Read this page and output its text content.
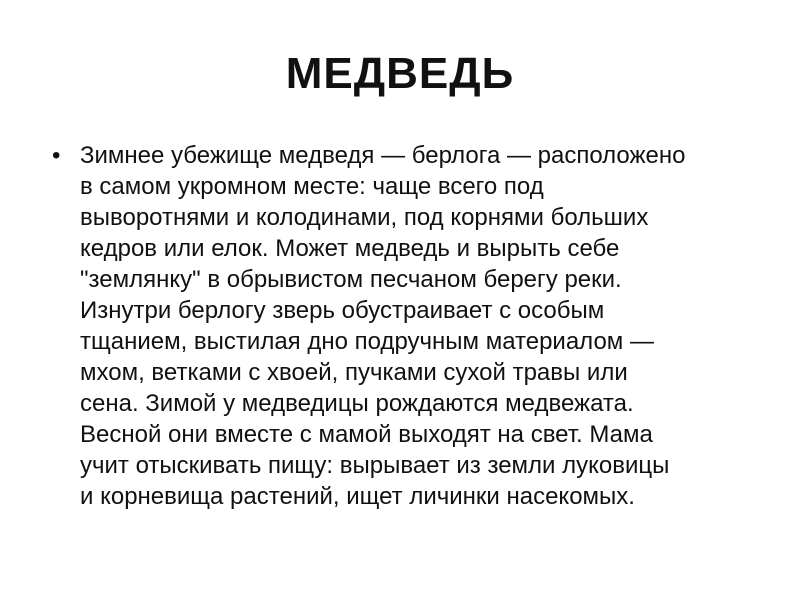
МЕДВЕДЬ
• Зимнее убежище медведя — берлога — расположено
в самом укромном месте: чаще всего под
выворотнями и колодинами, под корнями больших
кедров или елок. Может медведь и вырыть себе
"землянку" в обрывистом песчаном берегу реки.
Изнутри берлогу зверь обустраивает с особым
тщанием, выстилая дно подручным материалом —
мхом, ветками с хвоей, пучками сухой травы или
сена. Зимой у медведицы рождаются медвежата.
Весной они вместе с мамой выходят на свет. Мама
учит отыскивать пищу: вырывает из земли луковицы
и корневища растений, ищет личинки насекомых.
